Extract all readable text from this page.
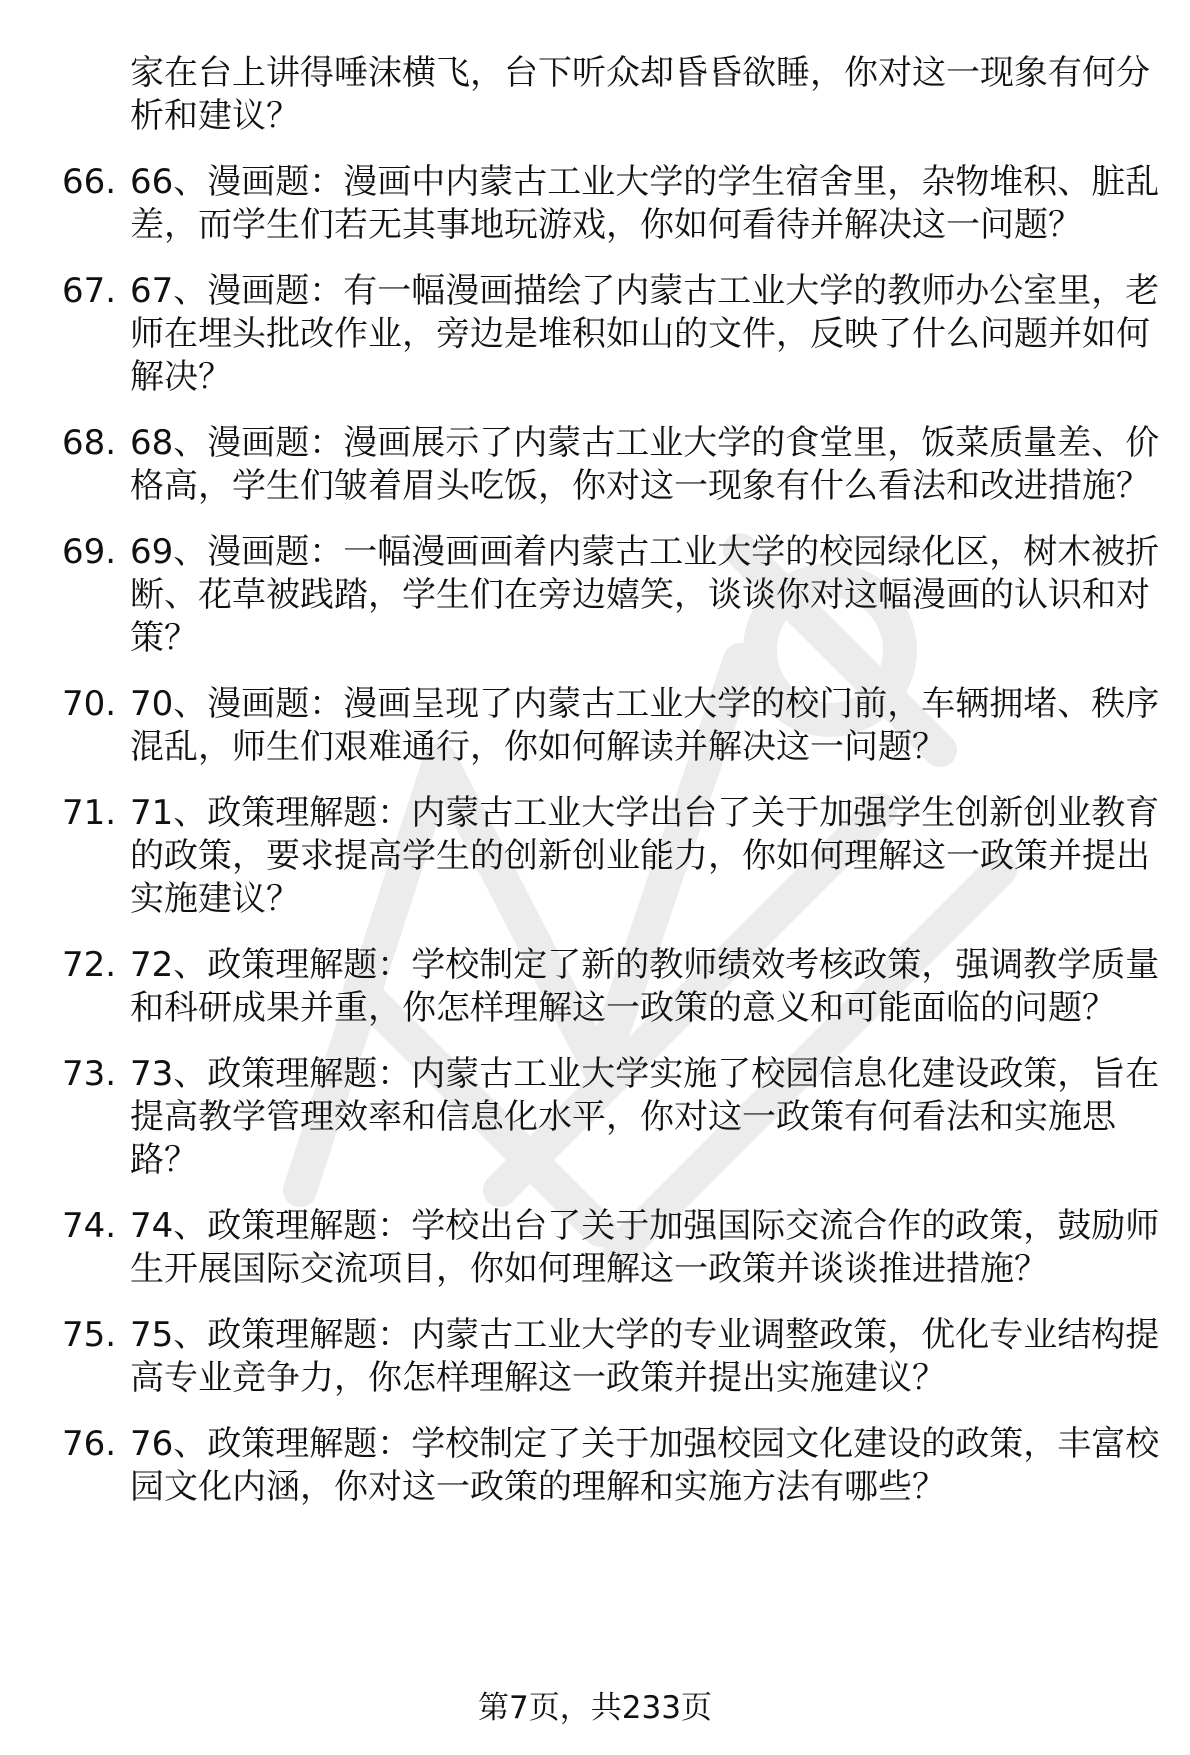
家在台上讲得唾沫横飞，台下听众却昏昏欲睡，你对这一现象有何分析和建议？
66. 66、漫画题：漫画中内蒙古工业大学的学生宿舍里，杂物堆积、脏乱差，而学生们若无其事地玩游戏，你如何看待并解决这一问题？
67. 67、漫画题：有一幅漫画描绘了内蒙古工业大学的教师办公室里，老师在埋头批改作业，旁边是堆积如山的文件，反映了什么问题并如何解决？
68. 68、漫画题：漫画展示了内蒙古工业大学的食堂里，饭菜质量差、价格高，学生们皱着眉头吃饭，你对这一现象有什么看法和改进措施？
69. 69、漫画题：一幅漫画画着内蒙古工业大学的校园绿化区，树木被折断、花草被践踏，学生们在旁边嬉笑，谈谈你对这幅漫画的认识和对策？
70. 70、漫画题：漫画呈现了内蒙古工业大学的校门前，车辆拥堵、秩序混乱，师生们艰难通行，你如何解读并解决这一问题？
71. 71、政策理解题：内蒙古工业大学出台了关于加强学生创新创业教育的政策，要求提高学生的创新创业能力，你如何理解这一政策并提出实施建议？
72. 72、政策理解题：学校制定了新的教师绩效考核政策，强调教学质量和科研成果并重，你怎样理解这一政策的意义和可能面临的问题？
73. 73、政策理解题：内蒙古工业大学实施了校园信息化建设政策，旨在提高教学管理效率和信息化水平，你对这一政策有何看法和实施思路？
74. 74、政策理解题：学校出台了关于加强国际交流合作的政策，鼓励师生开展国际交流项目，你如何理解这一政策并谈谈推进措施？
75. 75、政策理解题：内蒙古工业大学的专业调整政策，优化专业结构提高专业竞争力，你怎样理解这一政策并提出实施建议？
76. 76、政策理解题：学校制定了关于加强校园文化建设的政策，丰富校园文化内涵，你对这一政策的理解和实施方法有哪些？
第7页，共233页
